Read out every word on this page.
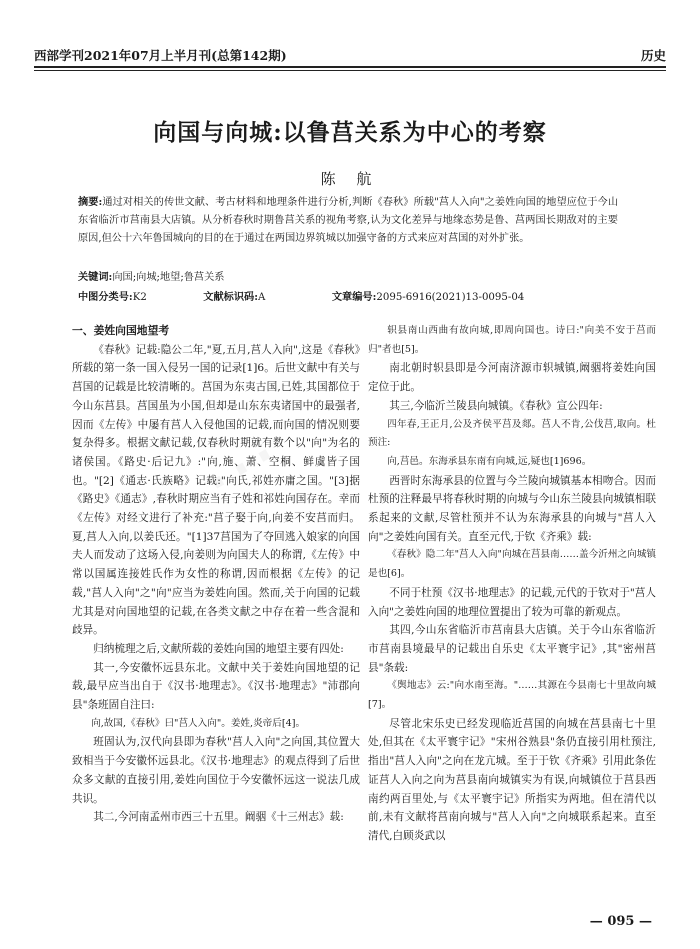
西部学刊2021年07月上半月刊(总第142期)	历史
向国与向城:以鲁莒关系为中心的考察
陈 航
摘要:通过对相关的传世文献、考古材料和地理条件进行分析,判断《春秋》所载"莒人入向"之姜姓向国的地望应位于今山东省临沂市莒南县大店镇。从分析春秋时期鲁莒关系的视角考察,认为文化差异与地缘态势是鲁、莒两国长期敌对的主要原因,但公十六年鲁国城向的目的在于通过在两国边界筑城以加强守备的方式来应对莒国的对外扩张。
关键词:向国;向城;地望;鲁莒关系
中图分类号:K2	文献标识码:A	文章编号:2095-6916(2021)13-0095-04
一、姜姓向国地望考

《春秋》记载:隐公二年,"夏,五月,莒人入向",这是《春秋》所载的第一条一国入侵另一国的记录[1]6。后世文献中有关与莒国的记载是比较清晰的。莒国为东夷古国,已姓,其国都位于今山东莒县。莒国虽为小国,但却是山东东夷诸国中的最强者,因而《左传》中屡有莒人入侵他国的记载,而向国的情况则要复杂得多。根据文献记载,仅春秋时期就有数个以"向"为名的诸侯国。《路史·后记九》:"向,施、萧、空桐、鲜虞皆子国也。"[2]《通志·氏族略》记载:"向氏,祁姓亦庸之国。"[3]据《路史》《通志》,春秋时期应当有子姓和祁姓向国存在。幸而《左传》对经文进行了补充:"莒子娶于向,向姜不安莒而归。夏,莒人入向,以姜氏还。"[1]37莒国为了夺回逃入娘家的向国夫人而发动了这场入侵,向姜则为向国夫人的称谓,《左传》中常以国属连接姓氏作为女性的称谓,因而根据《左传》的记载,"莒人入向"之"向"应当为姜姓向国。然而,关于向国的记载尤其是对向国地望的记载,在各类文献之中存在着一些含混和歧异。

归纳梳理之后,文献所载的姜姓向国的地望主要有四处:

其一,今安徽怀远县东北。文献中关于姜姓向国地望的记载,最早应当出自于《汉书·地理志》。《汉书·地理志》"沛郡向县"条班固自注曰:

向,故国,《春秋》曰"莒人入向"。姜姓,炎帝后[4]。

班固认为,汉代向县即为春秋"莒人入向"之向国,其位置大致相当于今安徽怀远县北。《汉书·地理志》的观点得到了后世众多文献的直接引用,姜姓向国位于今安徽怀远这一说法几成共识。

其二,今河南孟州市西三十五里。阚骃《十三州志》载:

轵县南山西曲有故向城,即周向国也。诗曰:"向美不安于莒而归"者也[5]。

南北朝时轵县即是今河南济源市轵城镇,阚骃将姜姓向国定位于此。

其三,今临沂兰陵县向城镇。《春秋》宣公四年:

四年春,王正月,公及齐侯平莒及郯。莒人不肯,公伐莒,取向。杜预注:

向,莒邑。东海承县东南有向城,远,疑也[1]696。

西晋时东海承县的位置与今兰陵向城镇基本相吻合。因而杜预的注释最早将春秋时期的向城与今山东兰陵县向城镇相联系起来的文献,尽管杜预并不认为东海承县的向城与"莒人入向"之姜姓向国有关。直至元代,于钦《齐乘》载:

《春秋》隐二年"莒人入向"向城在莒县南……盖今沂州之向城镇是也[6]。

不同于杜预《汉书·地理志》的记载,元代的于钦对于"莒人入向"之姜姓向国的地理位置提出了较为可靠的新观点。

其四,今山东省临沂市莒南县大店镇。关于今山东省临沂市莒南县境最早的记载出自乐史《太平寰宇记》,其"密州莒县"条载:

《舆地志》云:"向水南至海。"……其源在今县南七十里故向城[7]。

尽管北宋乐史已经发现临近莒国的向城在莒县南七十里处,但其在《太平寰宇记》"宋州谷熟县"条仍直接引用杜预注,指出"莒人入向"之向在龙亢城。至于于钦《齐乘》引用此条佐证莒人入向之向为莒县南向城镇实为有误,向城镇位于莒县西南约两百里处,与《太平寰宇记》所指实为两地。但在清代以前,未有文献将莒南向城与"莒人入向"之向城联系起来。直至清代,白顾炎武以

— 095 —
